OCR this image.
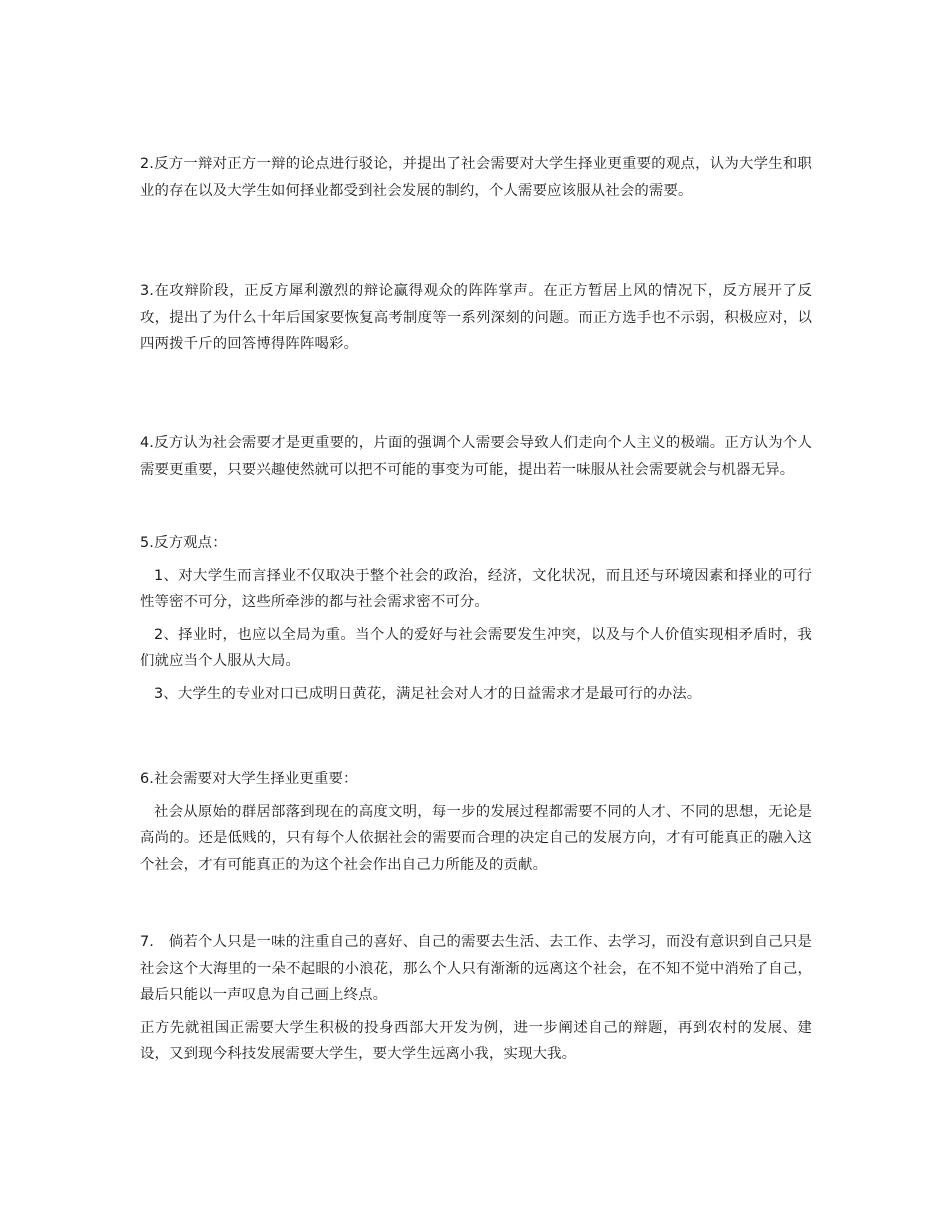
2.反方一辩对正方一辩的论点进行驳论，并提出了社会需要对大学生择业更重要的观点，认为大学生和职业的存在以及大学生如何择业都受到社会发展的制约，个人需要应该服从社会的需要。

3.在攻辩阶段，正反方犀利激烈的辩论赢得观众的阵阵掌声。在正方暂居上风的情况下，反方展开了反攻，提出了为什么十年后国家要恢复高考制度等一系列深刻的问题。而正方选手也不示弱，积极应对，以四两拨千斤的回答博得阵阵喝彩。

4.反方认为社会需要才是更重要的，片面的强调个人需要会导致人们走向个人主义的极端。正方认为个人需要更重要，只要兴趣使然就可以把不可能的事变为可能，提出若一味服从社会需要就会与机器无异。

5.反方观点：

1、对大学生而言择业不仅取决于整个社会的政治，经济，文化状况，而且还与环境因素和择业的可行性等密不可分，这些所牵涉的都与社会需求密不可分。

2、择业时，也应以全局为重。当个人的爱好与社会需要发生冲突，以及与个人价值实现相矛盾时，我们就应当个人服从大局。

3、大学生的专业对口已成明日黄花，满足社会对人才的日益需求才是最可行的办法。

6.社会需要对大学生择业更重要：

社会从原始的群居部落到现在的高度文明，每一步的发展过程都需要不同的人才、不同的思想，无论是高尚的。还是低贱的，只有每个人依据社会的需要而合理的决定自己的发展方向，才有可能真正的融入这个社会，才有可能真正的为这个社会作出自己力所能及的贡献。

7.　倘若个人只是一味的注重自己的喜好、自己的需要去生活、去工作、去学习，而没有意识到自己只是社会这个大海里的一朵不起眼的小浪花，那么个人只有渐渐的远离这个社会，在不知不觉中消殆了自己，最后只能以一声叹息为自己画上终点。

正方先就祖国正需要大学生积极的投身西部大开发为例，进一步阐述自己的辩题，再到农村的发展、建设，又到现今科技发展需要大学生，要大学生远离小我，实现大我。
